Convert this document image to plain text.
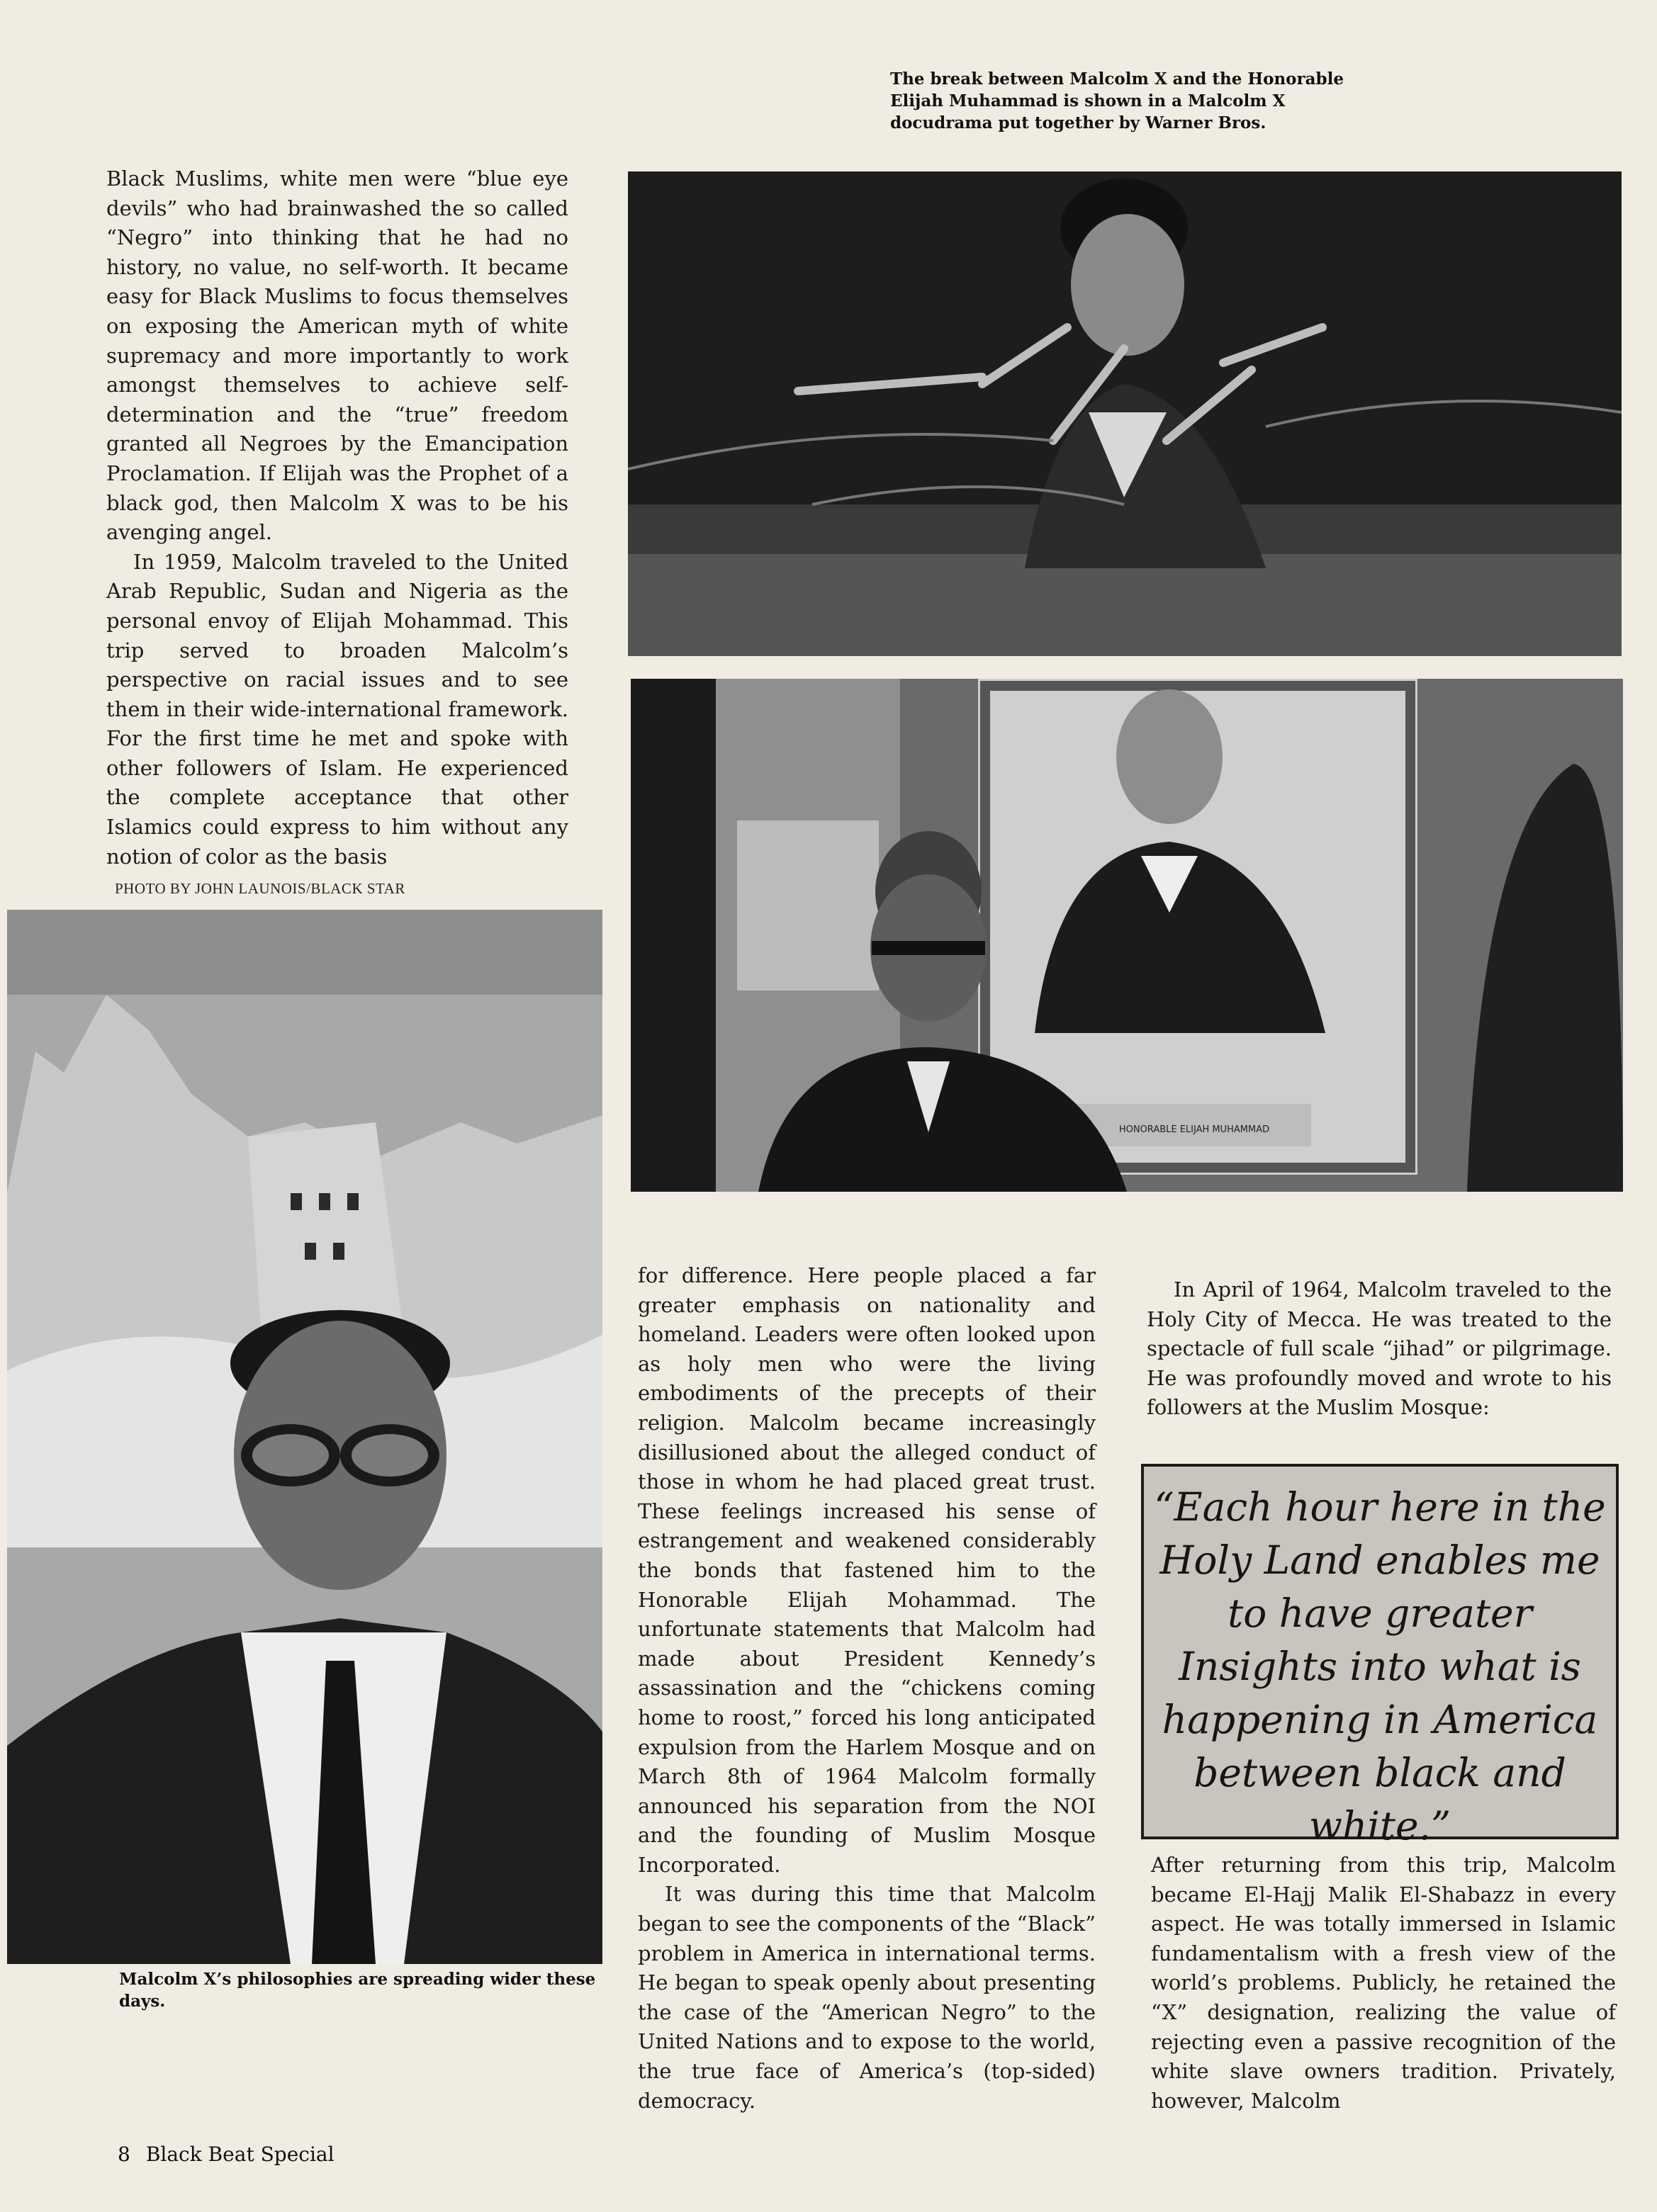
The break between Malcolm X and the Honorable Elijah Muhammad is shown in a Malcolm X docudrama put together by Warner Bros.

Black Muslims, white men were “blue eye devils” who had brainwashed the so called “Negro” into thinking that he had no history, no value, no self-worth. It became easy for Black Muslims to focus themselves on exposing the American myth of white supremacy and more importantly to work amongst themselves to achieve self-determination and the “true” freedom granted all Negroes by the Emancipation Proclamation. If Elijah was the Prophet of a black god, then Malcolm X was to be his avenging angel.

In 1959, Malcolm traveled to the United Arab Republic, Sudan and Nigeria as the personal envoy of Elijah Mohammad. This trip served to broaden Malcolm’s perspective on racial issues and to see them in their wide-international framework. For the first time he met and spoke with other followers of Islam. He experienced the complete acceptance that other Islamics could express to him without any notion of color as the basis

PHOTO BY JOHN LAUNOIS/BLACK STAR
HONORABLE ELIJAH MUHAMMAD
Malcolm X’s philosophies are spreading wider these days.

for difference. Here people placed a far greater emphasis on nationality and homeland. Leaders were often looked upon as holy men who were the living embodiments of the precepts of their religion. Malcolm became increasingly disillusioned about the alleged conduct of those in whom he had placed great trust. These feelings increased his sense of estrangement and weakened considerably the bonds that fastened him to the Honorable Elijah Mohammad. The unfortunate statements that Malcolm had made about President Kennedy’s assassination and the “chickens coming home to roost,” forced his long anticipated expulsion from the Harlem Mosque and on March 8th of 1964 Malcolm formally announced his separation from the NOI and the founding of Muslim Mosque Incorporated.

It was during this time that Malcolm began to see the components of the “Black” problem in America in international terms. He began to speak openly about presenting the case of the “American Negro” to the United Nations and to expose to the world, the true face of America’s (top-sided) democracy.

In April of 1964, Malcolm traveled to the Holy City of Mecca. He was treated to the spectacle of full scale “jihad” or pilgrimage. He was profoundly moved and wrote to his followers at the Muslim Mosque:

“Each hour here in the Holy Land enables me to have greater Insights into what is happening in America between black and white.”

After returning from this trip, Malcolm became El-Hajj Malik El-Shabazz in every aspect. He was totally immersed in Islamic fundamentalism with a fresh view of the world’s problems. Publicly, he retained the “X” designation, realizing the value of rejecting even a passive recognition of the white slave owners tradition. Privately, however, Malcolm

8 Black Beat Special
